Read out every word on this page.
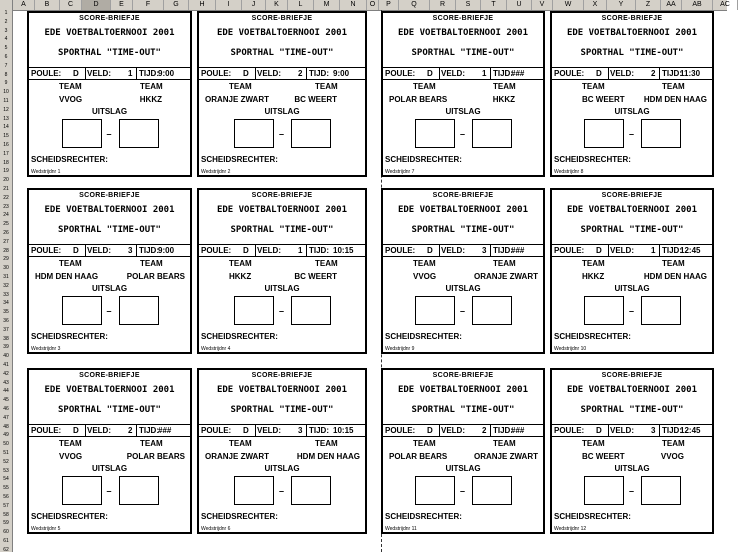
A	B	C	D	E	F	G	H	I	J	K	L	M	N	O	P	Q	R	S	T	U	V	W	X	Y	Z	AA	AB	AC
1
2
3
4
5
6
7
8
9
10
11
12
13
14
15
16
17
18
19
20
21
22
23
24
25
26
27
28
29
30
31
32
33
34
35
36
37
38
39
40
41
42
43
44
45
46
47
48
49
50
51
52
53
54
55
56
57
58
59
60
61
62
SCORE-BRIEFJE
EDE VOETBALTOERNOOI 2001
SPORTHAL "TIME-OUT"
POULE: D VELD: 1 TIJD: 9:00
TEAM	TEAM
VVOG	HKKZ
UITSLAG
–
SCHEIDSRECHTER:
Wedstrijdnr 1
SCORE-BRIEFJE
EDE VOETBALTOERNOOI 2001
SPORTHAL "TIME-OUT"
POULE: D VELD: 2 TIJD: 9:00
TEAM	TEAM
ORANJE ZWART	BC WEERT
UITSLAG
–
SCHEIDSRECHTER:
Wedstrijdnr 2
SCORE-BRIEFJE
EDE VOETBALTOERNOOI 2001
SPORTHAL "TIME-OUT"
POULE: D VELD: 1 TIJD:
###
TEAM	TEAM
POLAR BEARS	HKKZ
UITSLAG
–
SCHEIDSRECHTER:
Wedstrijdnr 7
SCORE-BRIEFJE
EDE VOETBALTOERNOOI 2001
SPORTHAL "TIME-OUT"
POULE: D VELD: 2 TIJD:
11:30
TEAM	TEAM
BC WEERT HDM DEN HAAG
UITSLAG
–
SCHEIDSRECHTER:
Wedstrijdnr 8
SCORE-BRIEFJE
EDE VOETBALTOERNOOI 2001
SPORTHAL "TIME-OUT"
POULE: D VELD: 3 TIJD: 9:00
TEAM	TEAM
HDM DEN HAAG	POLAR BEARS
UITSLAG
–
SCHEIDSRECHTER:
Wedstrijdnr 3
SCORE-BRIEFJE
EDE VOETBALTOERNOOI 2001
SPORTHAL "TIME-OUT"
POULE: D VELD: 1 TIJD: 10:15
TEAM	TEAM
HKKZ	BC WEERT
UITSLAG
–
SCHEIDSRECHTER:
Wedstrijdnr 4
SCORE-BRIEFJE
EDE VOETBALTOERNOOI 2001
SPORTHAL "TIME-OUT"
POULE: D VELD: 3 TIJD:
###
TEAM	TEAM
VVOG	ORANJE ZWART
UITSLAG
–
SCHEIDSRECHTER:
Wedstrijdnr 9
SCORE-BRIEFJE
EDE VOETBALTOERNOOI 2001
SPORTHAL "TIME-OUT"
POULE: D VELD: 1 TIJD:
12:45
TEAM	TEAM
HKKZ	HDM DEN HAAG
UITSLAG
–
SCHEIDSRECHTER:
Wedstrijdnr 10
SCORE-BRIEFJE
EDE VOETBALTOERNOOI 2001
SPORTHAL "TIME-OUT"
POULE: D VELD: 2 TIJD: ###
TEAM	TEAM
VVOG	POLAR BEARS
UITSLAG
–
SCHEIDSRECHTER:
Wedstrijdnr 5
SCORE-BRIEFJE
EDE VOETBALTOERNOOI 2001
SPORTHAL "TIME-OUT"
POULE: D VELD: 3 TIJD: 10:15
TEAM	TEAM
ORANJE ZWART	HDM DEN HAAG
UITSLAG
–
SCHEIDSRECHTER:
Wedstrijdnr 6
SCORE-BRIEFJE
EDE VOETBALTOERNOOI 2001
SPORTHAL "TIME-OUT"
POULE: D VELD: 2 TIJD:
###
TEAM	TEAM
POLAR BEARS	ORANJE ZWART
UITSLAG
–
SCHEIDSRECHTER:
Wedstrijdnr 11
SCORE-BRIEFJE
EDE VOETBALTOERNOOI 2001
SPORTHAL "TIME-OUT"
POULE: D VELD: 3 TIJD:
12:45
TEAM	TEAM
BC WEERT	VVOG
UITSLAG
–
SCHEIDSRECHTER:
Wedstrijdnr 12
